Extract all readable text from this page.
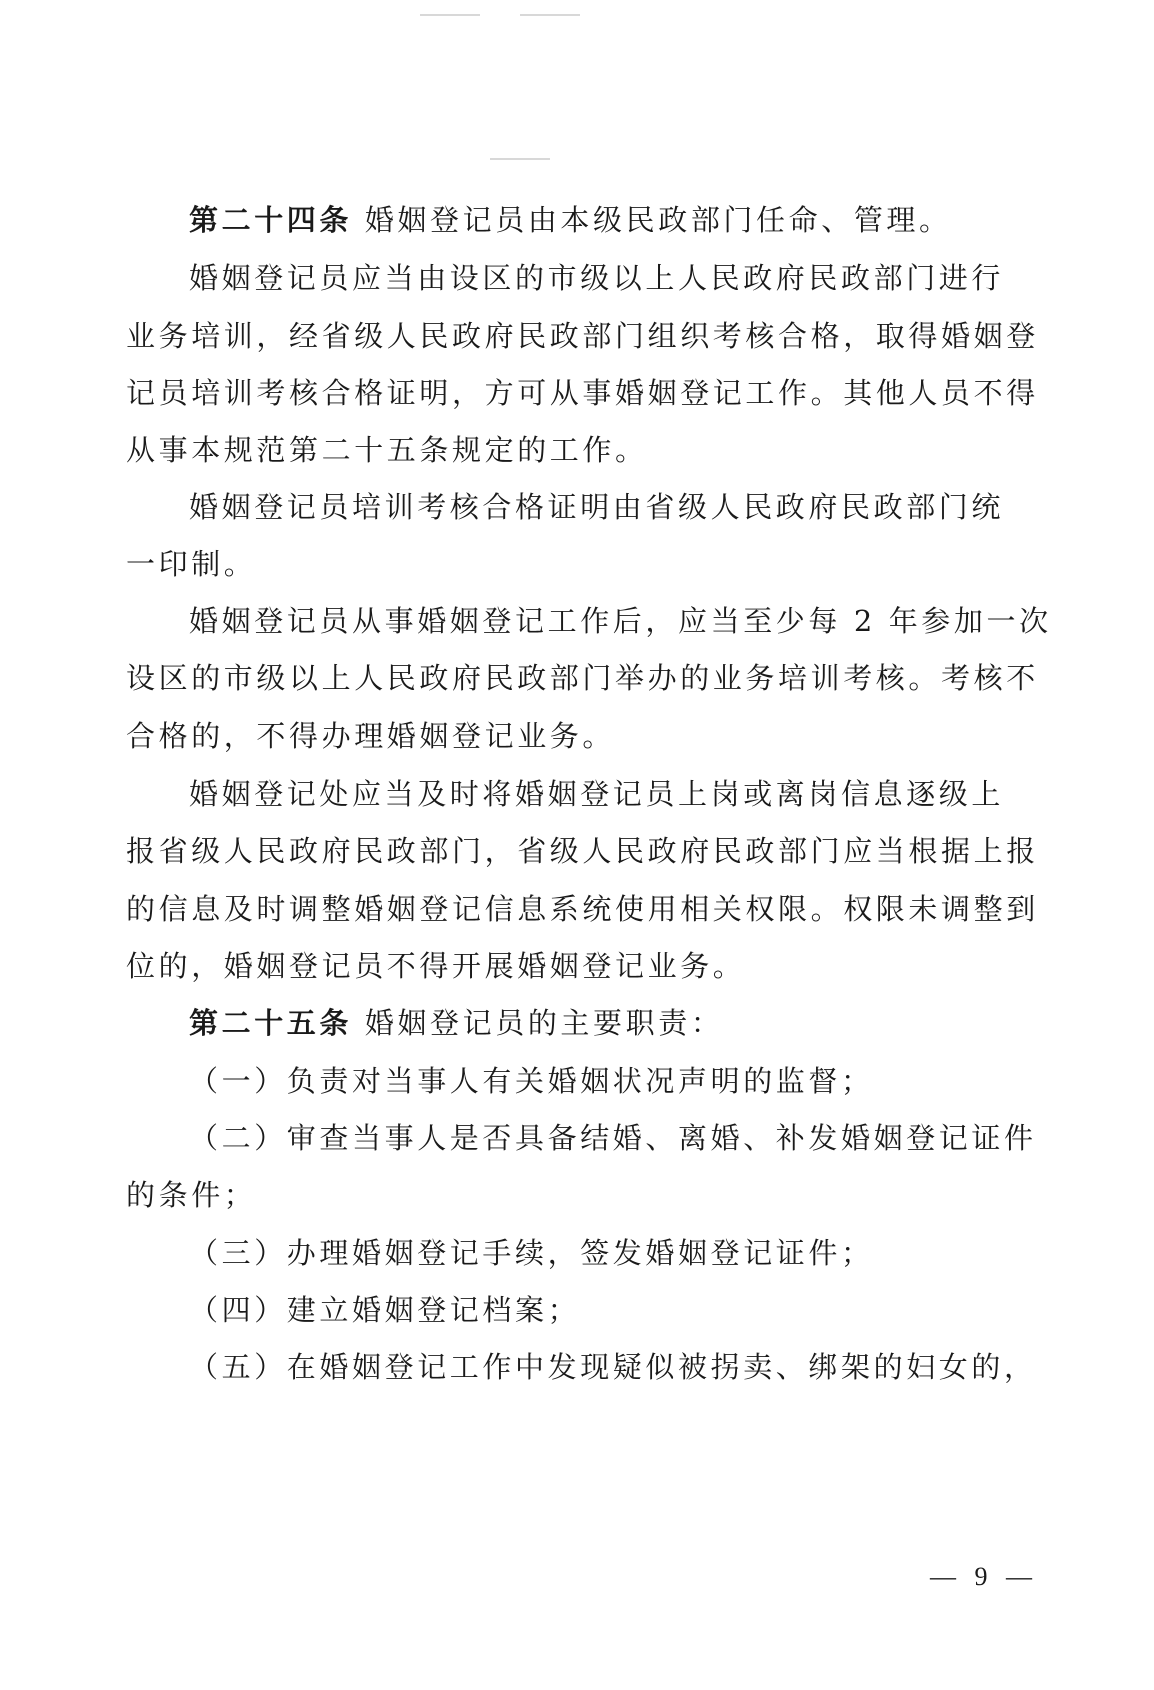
第二十四条 婚姻登记员由本级民政部门任命、管理。
婚姻登记员应当由设区的市级以上人民政府民政部门进行
业务培训，经省级人民政府民政部门组织考核合格，取得婚姻登
记员培训考核合格证明，方可从事婚姻登记工作。其他人员不得
从事本规范第二十五条规定的工作。
婚姻登记员培训考核合格证明由省级人民政府民政部门统
一印制。
婚姻登记员从事婚姻登记工作后，应当至少每 2 年参加一次
设区的市级以上人民政府民政部门举办的业务培训考核。考核不
合格的，不得办理婚姻登记业务。
婚姻登记处应当及时将婚姻登记员上岗或离岗信息逐级上
报省级人民政府民政部门，省级人民政府民政部门应当根据上报
的信息及时调整婚姻登记信息系统使用相关权限。权限未调整到
位的，婚姻登记员不得开展婚姻登记业务。
第二十五条 婚姻登记员的主要职责：
（一）负责对当事人有关婚姻状况声明的监督；
（二）审查当事人是否具备结婚、离婚、补发婚姻登记证件
的条件；
（三）办理婚姻登记手续，签发婚姻登记证件；
（四）建立婚姻登记档案；
（五）在婚姻登记工作中发现疑似被拐卖、绑架的妇女的，
— 9 —
